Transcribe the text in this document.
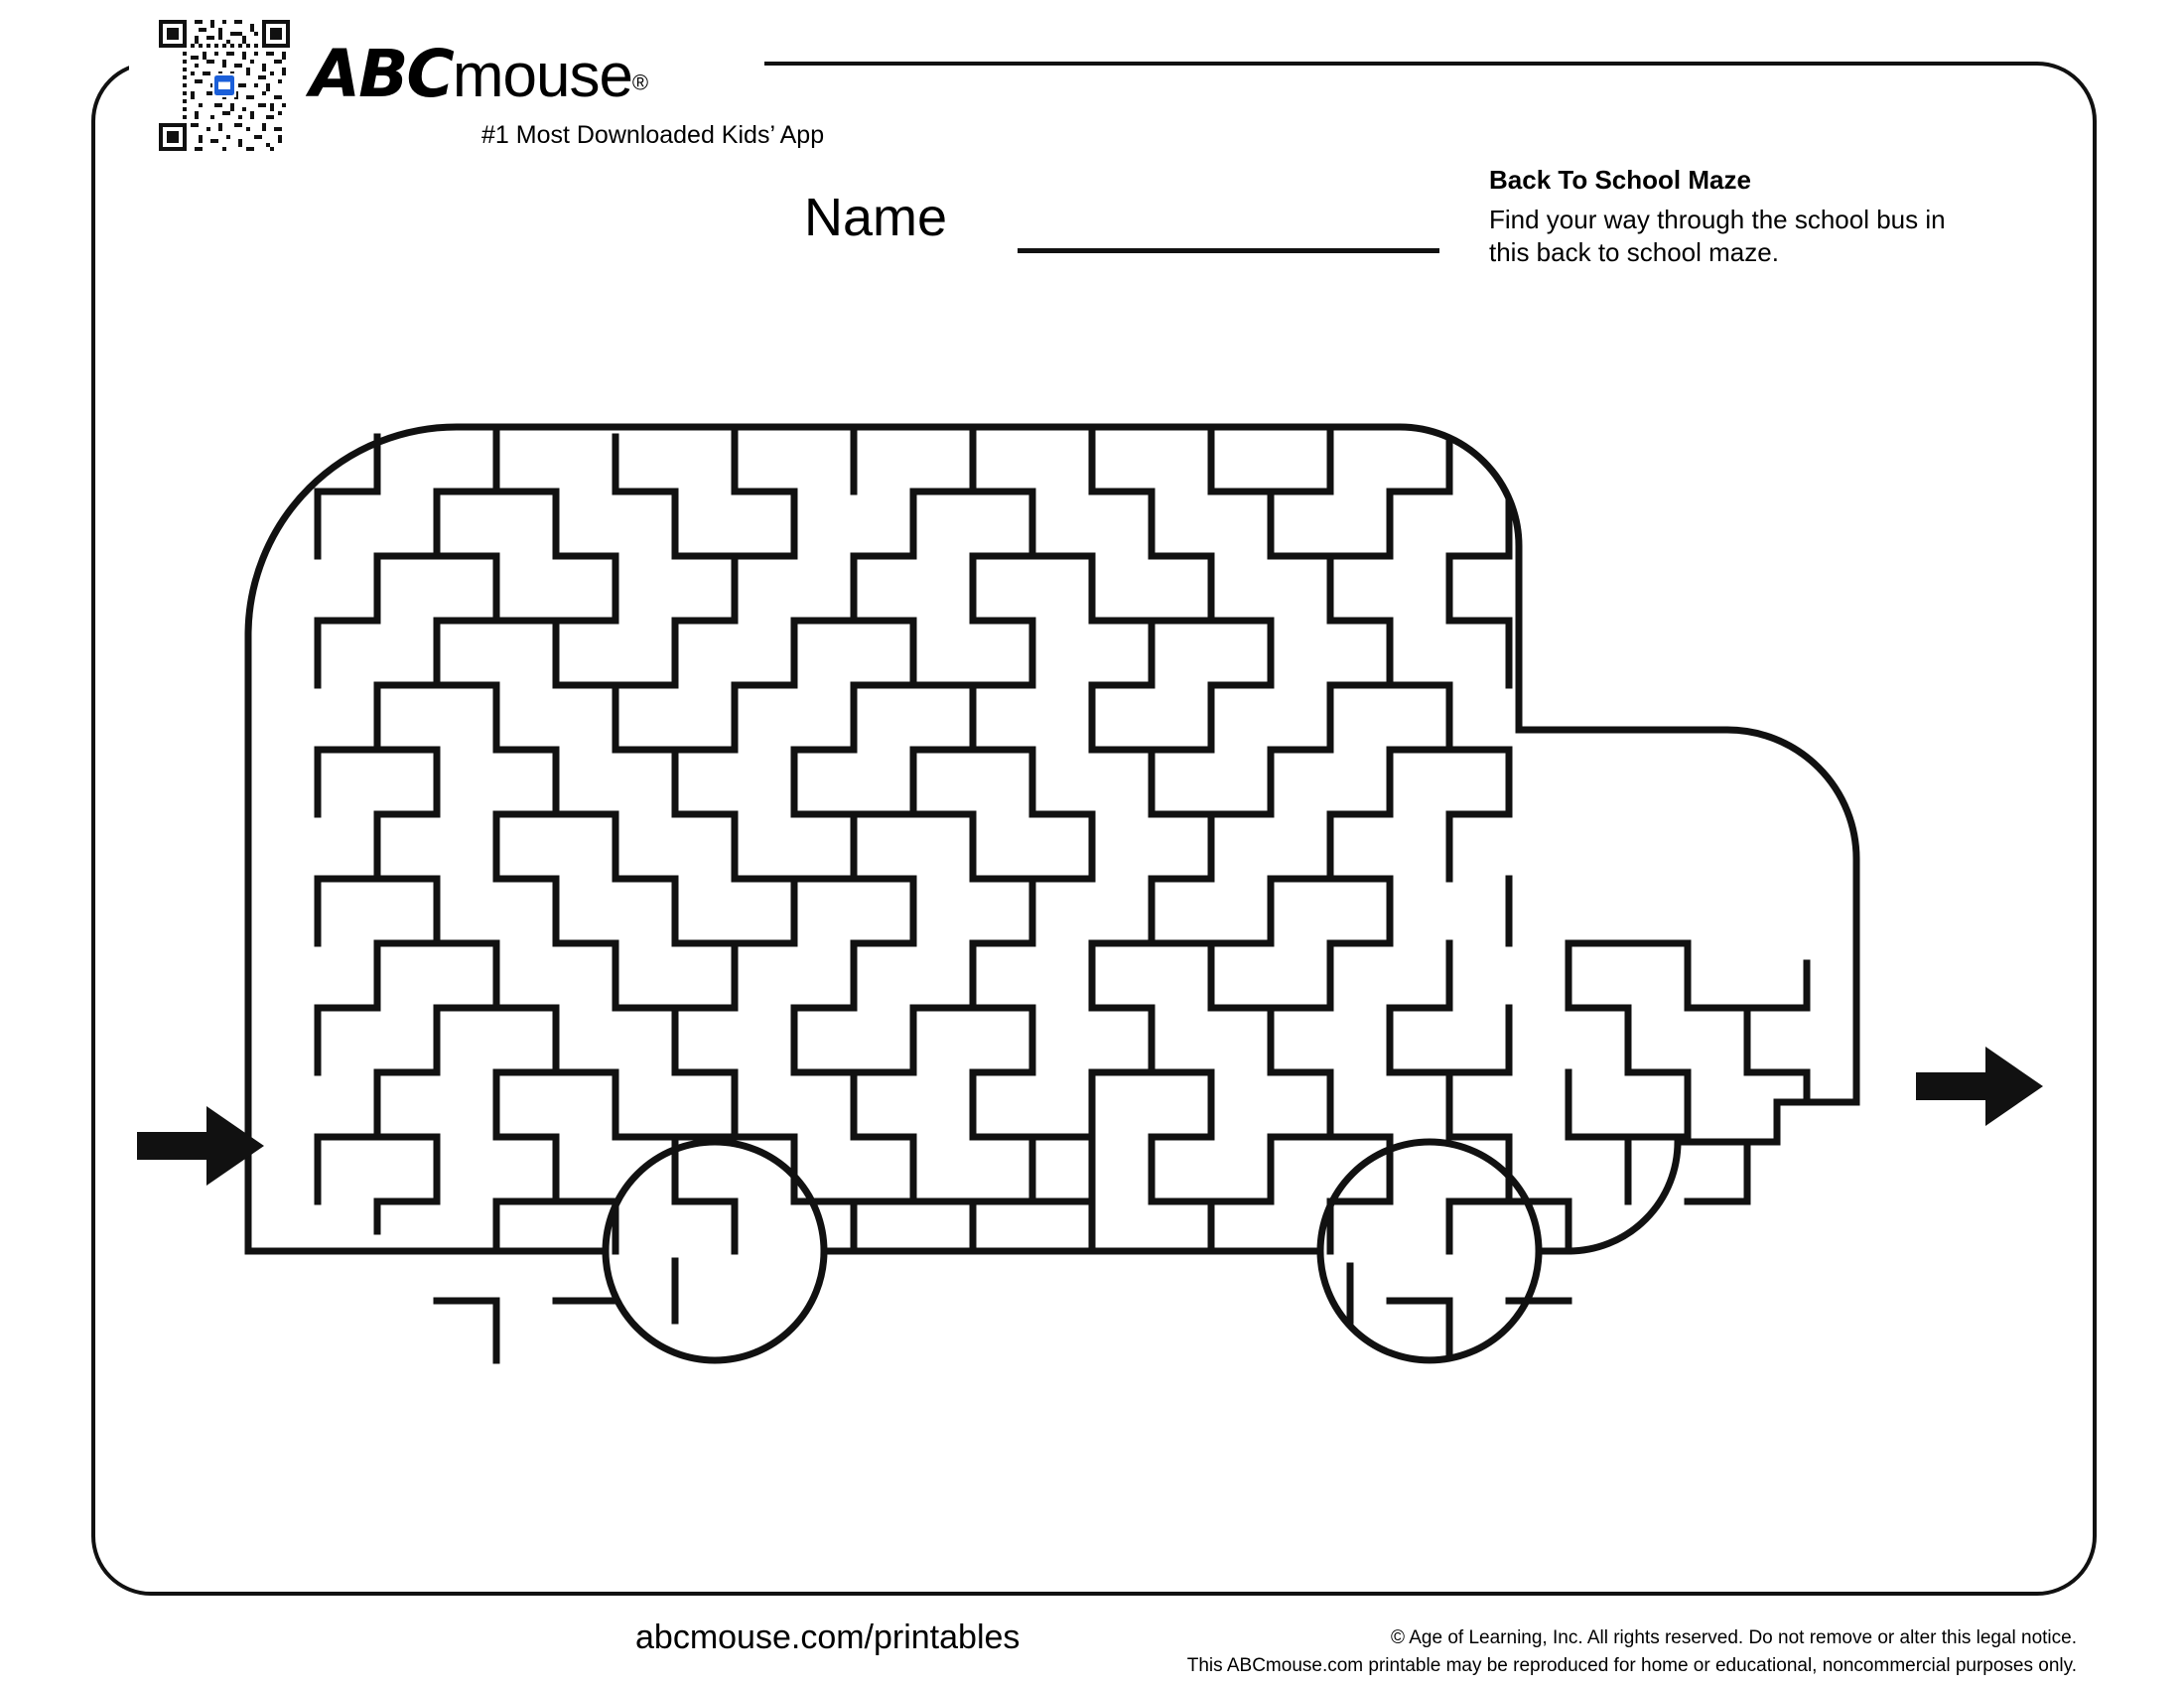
ABCmouse®
#1 Most Downloaded Kids’ App
Name
Back To School Maze
Find your way through the school bus in this back to school maze.
abcmouse.com/printables	© Age of Learning, Inc. All rights reserved. Do not remove or alter this legal notice.
This ABCmouse.com printable may be reproduced for home or educational, noncommercial purposes only.
